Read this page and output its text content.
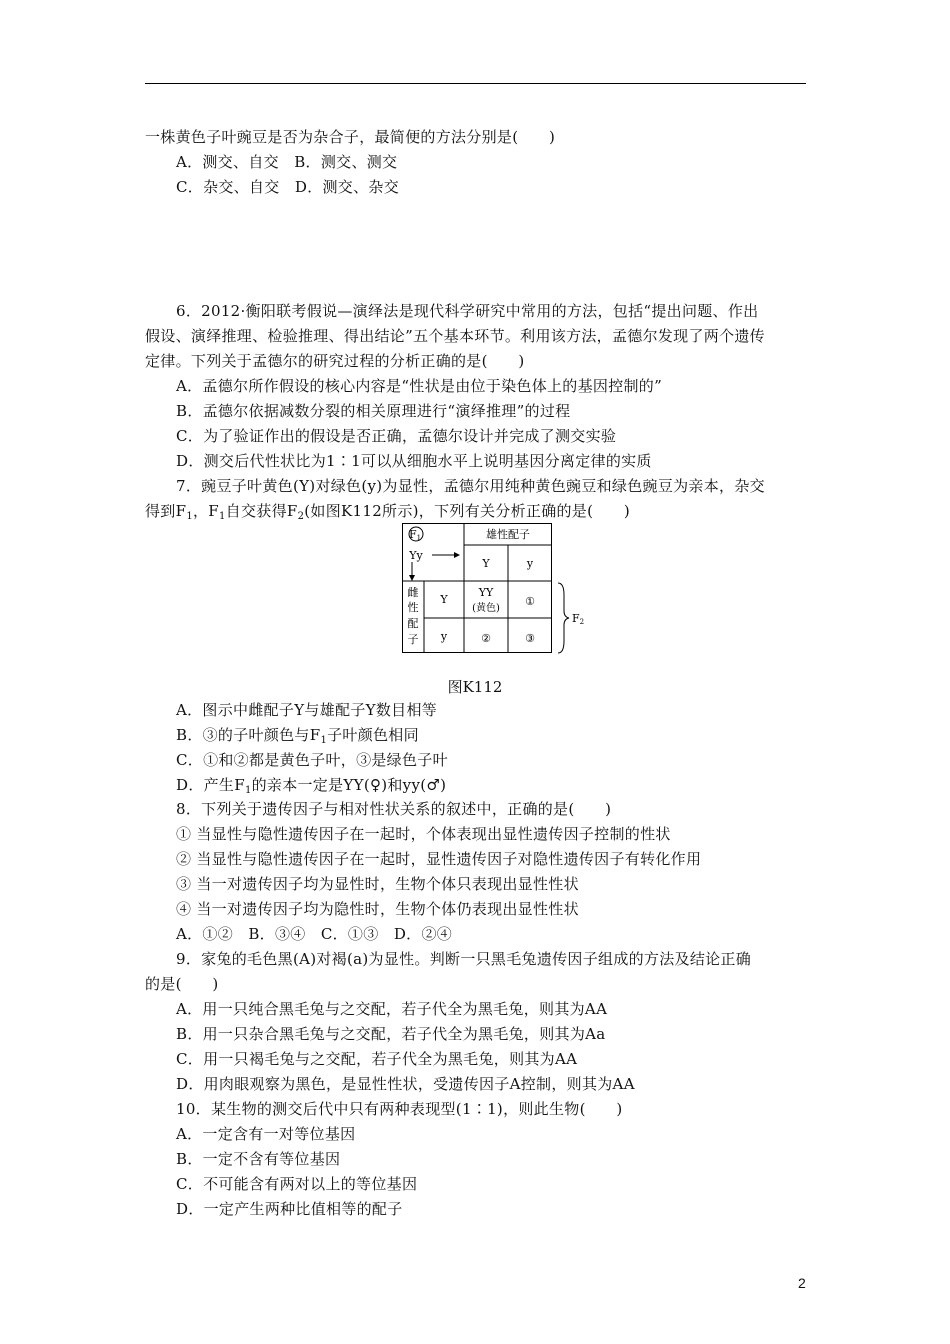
一株黄色子叶豌豆是否为杂合子，最简便的方法分别是(　　)
A．测交、自交　B．测交、测交
C．杂交、自交　D．测交、杂交
6．2012·衡阳联考假说—演绎法是现代科学研究中常用的方法，包括“提出问题、作出
假设、演绎推理、检验推理、得出结论”五个基本环节。利用该方法，孟德尔发现了两个遗传
定律。下列关于孟德尔的研究过程的分析正确的是(　　)
A．孟德尔所作假设的核心内容是“性状是由位于染色体上的基因控制的”
B．孟德尔依据减数分裂的相关原理进行“演绎推理”的过程
C．为了验证作出的假设是否正确，孟德尔设计并完成了测交实验
D．测交后代性状比为1∶1可以从细胞水平上说明基因分离定律的实质
7．豌豆子叶黄色(Y)对绿色(y)为显性，孟德尔用纯种黄色豌豆和绿色豌豆为亲本，杂交
得到$F_1$，$F_1$自交获得$F_2$(如图K112所示)，下列有关分析正确的是(　　)
F1
Yy
雄性配子
Y	y
雌
性
配
子
Y
y
YY
(黄色)
①
②	③
F2
图K112
A．图示中雌配子Y与雄配子Y数目相等
B．③的子叶颜色与$F_1$子叶颜色相同
C．①和②都是黄色子叶，③是绿色子叶
D．产生$F_1$的亲本一定是YY(♀)和yy(♂)
8．下列关于遗传因子与相对性状关系的叙述中，正确的是(　　)
① 当显性与隐性遗传因子在一起时，个体表现出显性遗传因子控制的性状
② 当显性与隐性遗传因子在一起时，显性遗传因子对隐性遗传因子有转化作用
③ 当一对遗传因子均为显性时，生物个体只表现出显性性状
④ 当一对遗传因子均为隐性时，生物个体仍表现出显性性状
A．①②　B．③④　C．①③　D．②④
9．家兔的毛色黑(A)对褐(a)为显性。判断一只黑毛兔遗传因子组成的方法及结论正确
的是(　　)
A．用一只纯合黑毛兔与之交配，若子代全为黑毛兔，则其为AA
B．用一只杂合黑毛兔与之交配，若子代全为黑毛兔，则其为Aa
C．用一只褐毛兔与之交配，若子代全为黑毛兔，则其为AA
D．用肉眼观察为黑色，是显性性状，受遗传因子A控制，则其为AA
10．某生物的测交后代中只有两种表现型(1∶1)，则此生物(　　)
A．一定含有一对等位基因
B．一定不含有等位基因
C．不可能含有两对以上的等位基因
D．一定产生两种比值相等的配子
2
